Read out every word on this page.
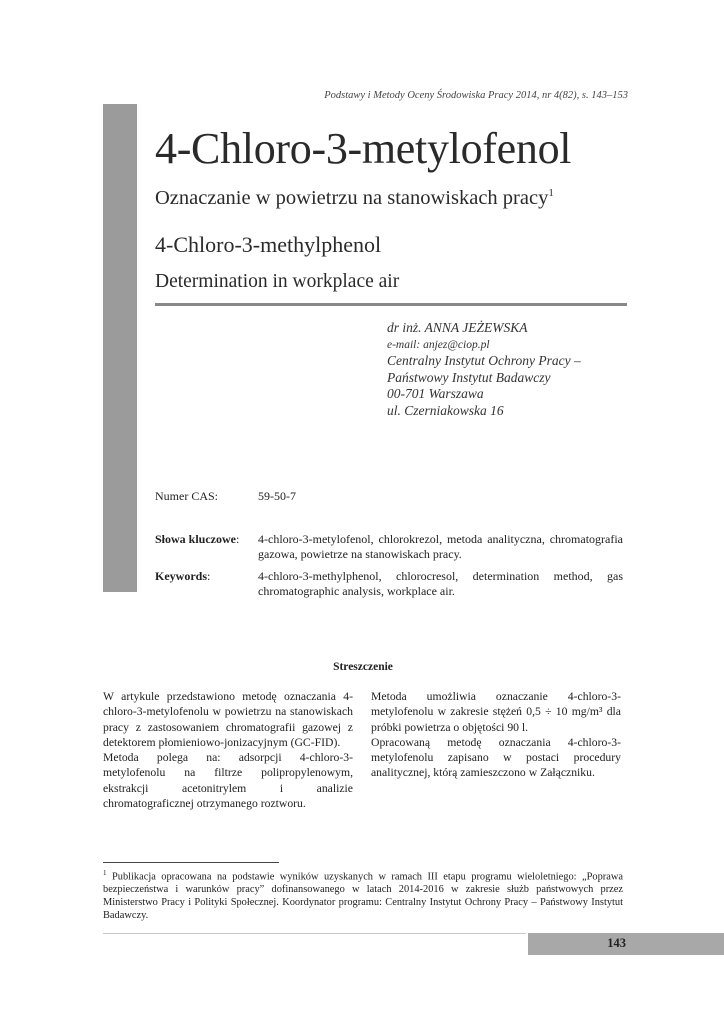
Podstawy i Metody Oceny Środowiska Pracy 2014, nr 4(82), s. 143–153
4-Chloro-3-metylofenol
Oznaczanie w powietrzu na stanowiskach pracy$^1$
4-Chloro-3-methylphenol
Determination in workplace air
dr inż. ANNA JEŻEWSKA
e-mail: anjez@ciop.pl
Centralny Instytut Ochrony Pracy –
Państwowy Instytut Badawczy
00-701 Warszawa
ul. Czerniakowska 16
Numer CAS:	59-50-7
Słowa kluczowe: 4-chloro-3-metylofenol, chlorokrezol, metoda analityczna, chromatografia gazowa, powietrze na stanowiskach pracy.
Keywords:	4-chloro-3-methylphenol, chlorocresol, determination method, gas chromatographic analysis, workplace air.
Streszczenie

W artykule przedstawiono metodę oznaczania 4-chloro-3-metylofenolu w powietrzu na stanowiskach pracy z zastosowaniem chromatografii gazowej z detektorem płomieniowo-jonizacyjnym (GC-FID).

Metoda polega na: adsorpcji 4-chloro-3-metylofenolu na filtrze polipropylenowym, ekstrakcji acetonitrylem i analizie chromatograficznej otrzymanego roztworu.

Metoda umożliwia oznaczanie 4-chloro-3-metylofenolu w zakresie stężeń 0,5 ÷ 10 mg/m³ dla próbki powietrza o objętości 90 l.

Opracowaną metodę oznaczania 4-chloro-3-metylofenolu zapisano w postaci procedury analitycznej, którą zamieszczono w Załączniku.

$^1$ Publikacja opracowana na podstawie wyników uzyskanych w ramach III etapu programu wieloletniego: „Poprawa bezpieczeństwa i warunków pracy” dofinansowanego w latach 2014-2016 w zakresie służb państwowych przez Ministerstwo Pracy i Polityki Społecznej. Koordynator programu: Centralny Instytut Ochrony Pracy – Państwowy Instytut Badawczy.
143
